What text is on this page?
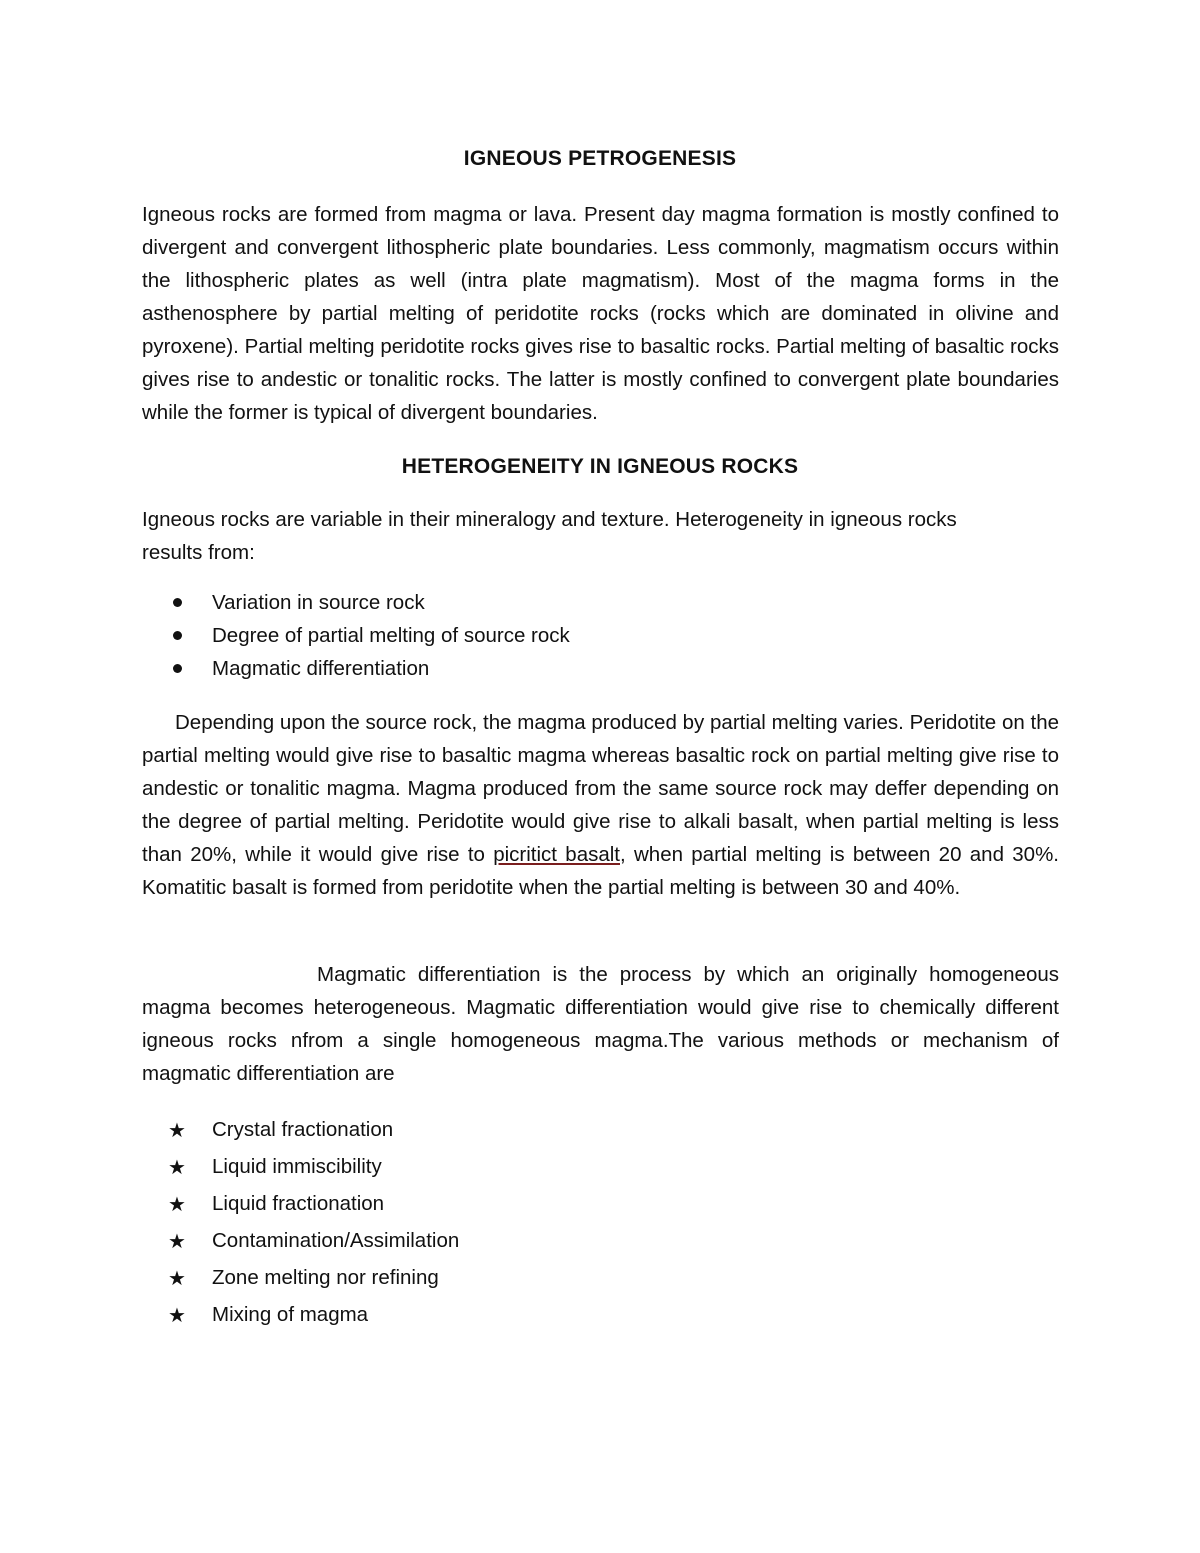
IGNEOUS PETROGENESIS

Igneous rocks are formed from magma or lava. Present day magma formation is mostly confined to divergent and convergent lithospheric plate boundaries. Less commonly, magmatism occurs within the lithospheric plates as well (intra plate magmatism). Most of the magma forms in the asthenosphere by partial melting of peridotite rocks (rocks which are dominated in olivine and pyroxene). Partial melting peridotite rocks gives rise to basaltic rocks. Partial melting of basaltic rocks gives rise to andestic or tonalitic rocks. The latter is mostly confined to convergent plate boundaries while the former is typical of divergent boundaries.

HETEROGENEITY IN IGNEOUS ROCKS

Igneous rocks are variable in their mineralogy and texture. Heterogeneity in igneous rocks results from:

Variation in source rock
Degree of partial melting of source rock
Magmatic differentiation

Depending upon the source rock, the magma produced by partial melting varies. Peridotite on the partial melting would give rise to basaltic magma whereas basaltic rock on partial melting give rise to andestic or tonalitic magma. Magma produced from the same source rock may deffer depending on the degree of partial melting. Peridotite would give rise to alkali basalt, when partial melting is less than 20%, while it would give rise to picritict basalt, when partial melting is between 20 and 30%. Komatitic basalt is formed from peridotite when the partial melting is between 30 and 40%.

Magmatic differentiation is the process by which an originally homogeneous magma becomes heterogeneous. Magmatic differentiation would give rise to chemically different igneous rocks nfrom a single homogeneous magma.The various methods or mechanism of magmatic differentiation are

★ Crystal fractionation
★ Liquid immiscibility
★ Liquid fractionation
★ Contamination/Assimilation
★ Zone melting nor refining
★ Mixing of magma
